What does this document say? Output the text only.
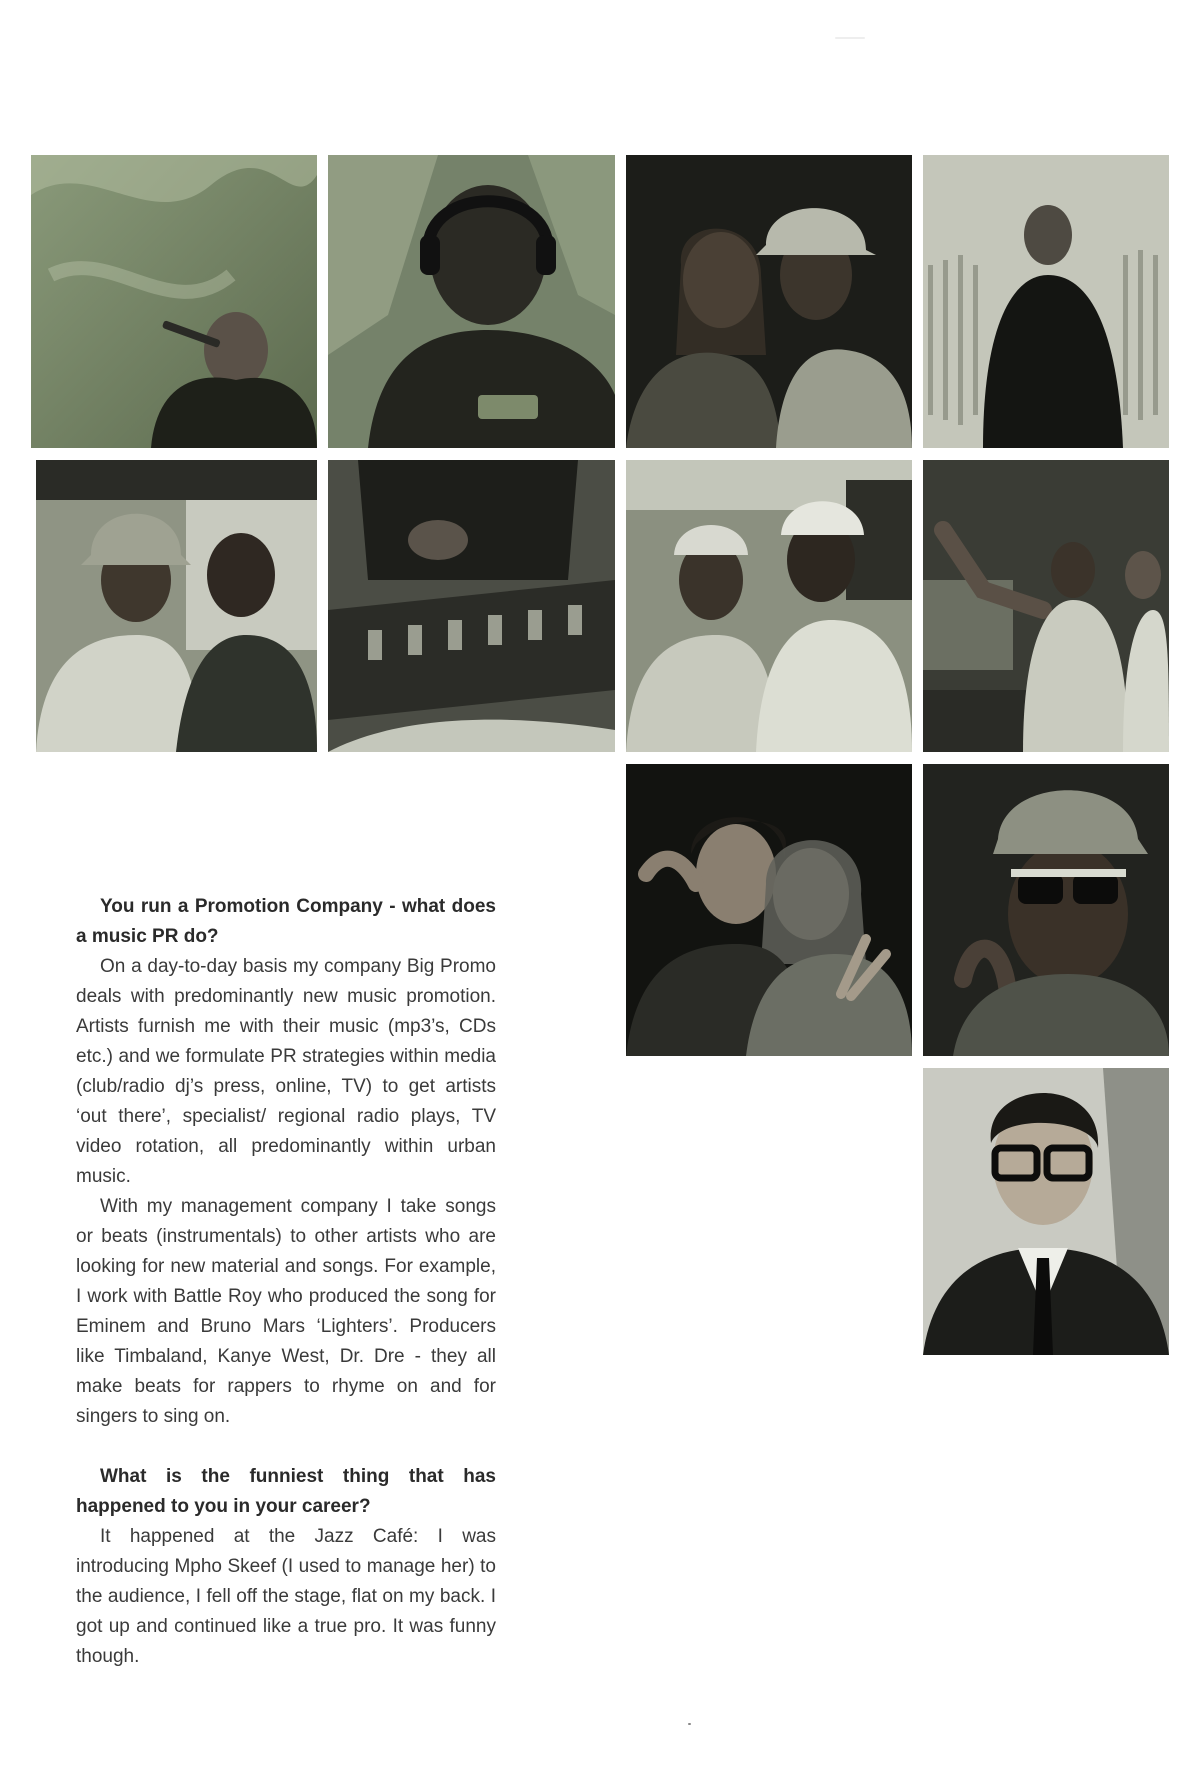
You run a Promotion Company - what does a music PR do?

On a day-to-day basis my company Big Promo deals with predominantly new music promotion. Artists furnish me with their music (mp3’s, CDs etc.) and we formulate PR strategies within media (club/radio dj’s press, online, TV) to get artists ‘out there’, specialist/ regional radio plays, TV video rotation, all predominantly within urban music.

With my management company I take songs or beats (instrumentals) to other artists who are looking for new material and songs. For example, I work with Battle Roy who produced the song for Eminem and Bruno Mars ‘Lighters’. Producers like Timbaland, Kanye West, Dr. Dre - they all make beats for rappers to rhyme on and for singers to sing on.

What is the funniest thing that has happened to you in your career?

It happened at the Jazz Café: I was introducing Mpho Skeef (I used to manage her) to the audience, I fell off the stage, flat on my back. I got up and continued like a true pro. It was funny though.
